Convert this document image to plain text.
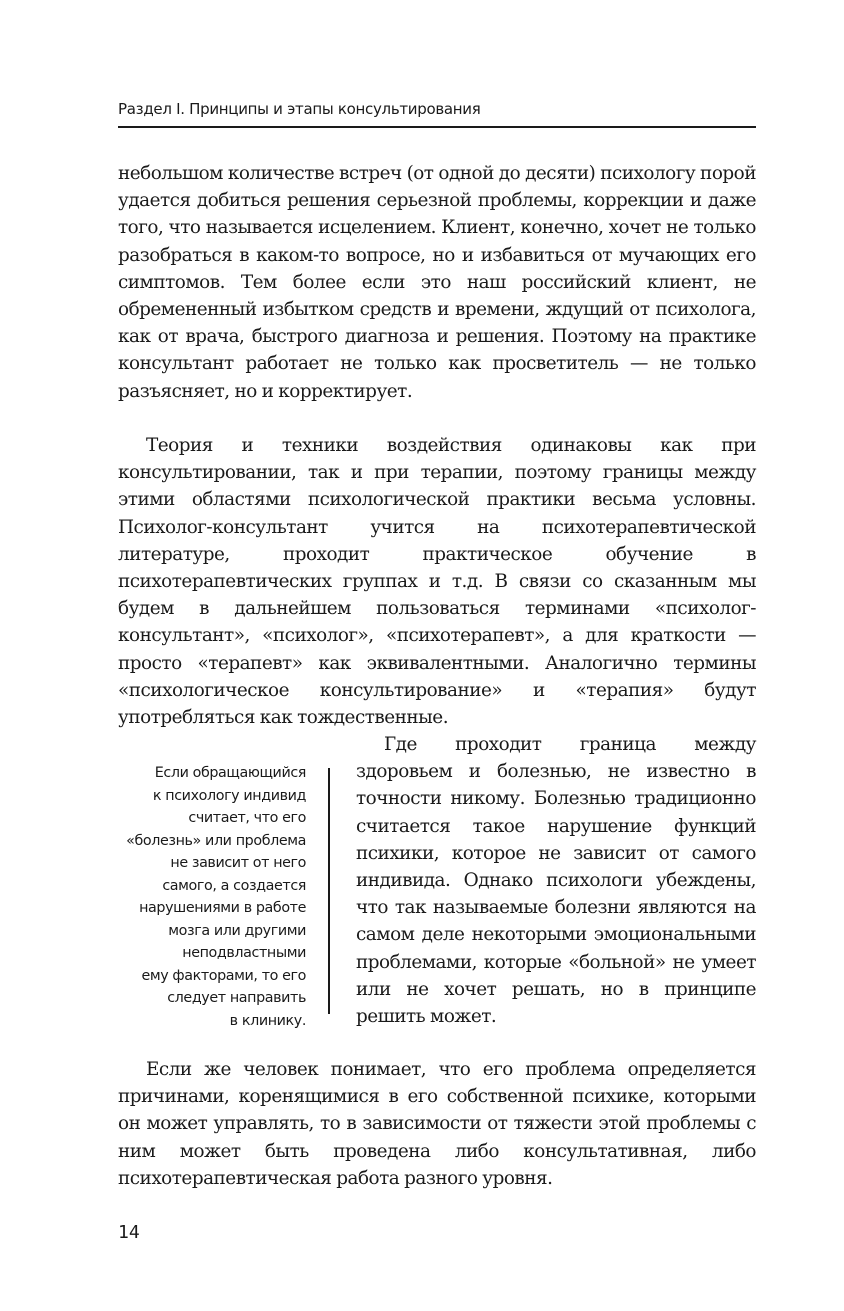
Раздел I. Принципы и этапы консультирования

небольшом количестве встреч (от одной до десяти) психологу порой удается добиться решения серьезной проблемы, коррекции и даже того, что называется исцелением. Клиент, конечно, хочет не только разобраться в каком-то вопросе, но и избавиться от мучающих его симптомов. Тем более если это наш российский клиент, не обремененный избытком средств и времени, ждущий от психолога, как от врача, быстрого диагноза и решения. Поэтому на практике консультант работает не только как просветитель — не только разъясняет, но и корректирует.

Теория и техники воздействия одинаковы как при консультировании, так и при терапии, поэтому границы между этими областями психологической практики весьма условны. Психолог-консультант учится на психотерапевтической литературе, проходит практическое обучение в психотерапевтических группах и т.д. В связи со сказанным мы будем в дальнейшем пользоваться терминами «психолог-консультант», «психолог», «психотерапевт», а для краткости — просто «терапевт» как эквивалентными. Аналогично термины «психологическое консультирование» и «терапия» будут употребляться как тождественные.

Если обращающийся
к психологу индивид
считает, что его
«болезнь» или проблема
не зависит от него
самого, а создается
нарушениями в работе
мозга или другими
неподвластными
ему факторами, то его
следует направить
в клинику.

Где проходит граница между здоровьем и болезнью, не известно в точности никому. Болезнью традиционно считается такое нарушение функций психики, которое не зависит от самого индивида. Однако психологи убеждены, что так называемые болезни являются на самом деле некоторыми эмоциональными проблемами, которые «больной» не умеет или не хочет решать, но в принципе решить может.

Если же человек понимает, что его проблема определяется причинами, коренящимися в его собственной психике, которыми он может управлять, то в зависимости от тяжести этой проблемы с ним может быть проведена либо консультативная, либо психотерапевтическая работа разного уровня.

14
